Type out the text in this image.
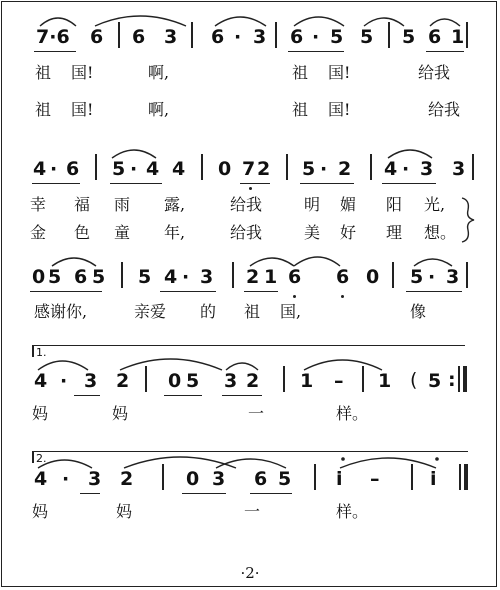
7·6 6 6 3 6 · 3 6 · 5 5 5 6 1
祖 国!	啊,	祖 国!	给我
祖 国!	啊,	祖 国!	给我
4 · 6 5 · 4 4 0 7 2 5 · 2 4 · 3 3
幸 福 雨 露,	给我	明 媚 阳 光,
金 色 童 年,	给我	美 好 理 想。
0 5 6 5 5 4 · 3 2 1 6 6 0 5 · 3
感谢你,	亲爱 的 祖 国,	像
1.
4 · 3 2 0 5 3 2 1 – 1 ( 5 :
妈	妈	一	样。
2.
4 · 3 2	0 3 6 5 i –	i
妈	妈	一	样。
·2·
